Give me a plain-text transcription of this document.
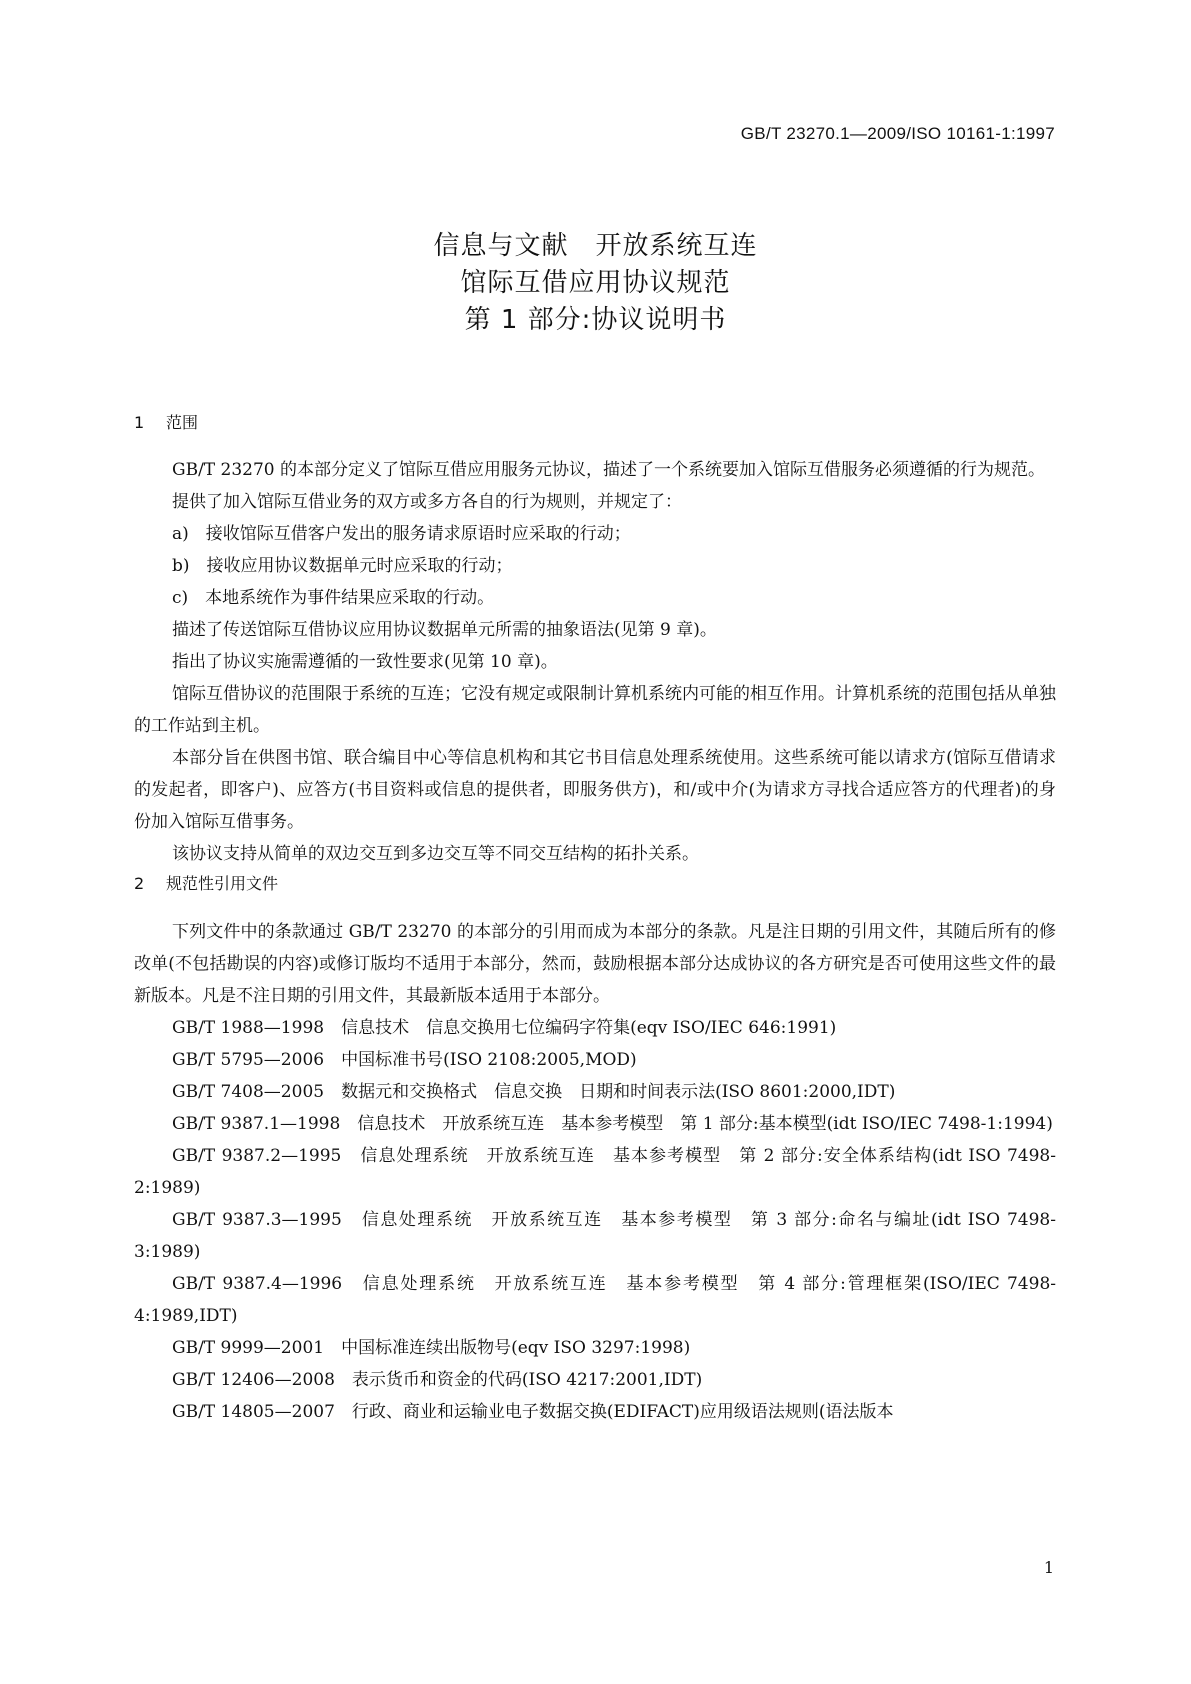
GB/T 23270.1—2009/ISO 10161-1:1997
信息与文献　开放系统互连
馆际互借应用协议规范
第 1 部分:协议说明书
1 范围

GB/T 23270 的本部分定义了馆际互借应用服务元协议，描述了一个系统要加入馆际互借服务必须遵循的行为规范。

提供了加入馆际互借业务的双方或多方各自的行为规则，并规定了：

a)　接收馆际互借客户发出的服务请求原语时应采取的行动；

b)　接收应用协议数据单元时应采取的行动；

c)　本地系统作为事件结果应采取的行动。

描述了传送馆际互借协议应用协议数据单元所需的抽象语法(见第 9 章)。

指出了协议实施需遵循的一致性要求(见第 10 章)。

馆际互借协议的范围限于系统的互连；它没有规定或限制计算机系统内可能的相互作用。计算机系统的范围包括从单独的工作站到主机。

本部分旨在供图书馆、联合编目中心等信息机构和其它书目信息处理系统使用。这些系统可能以请求方(馆际互借请求的发起者，即客户)、应答方(书目资料或信息的提供者，即服务供方)，和/或中介(为请求方寻找合适应答方的代理者)的身份加入馆际互借事务。

该协议支持从简单的双边交互到多边交互等不同交互结构的拓扑关系。

2 规范性引用文件

下列文件中的条款通过 GB/T 23270 的本部分的引用而成为本部分的条款。凡是注日期的引用文件，其随后所有的修改单(不包括勘误的内容)或修订版均不适用于本部分，然而，鼓励根据本部分达成协议的各方研究是否可使用这些文件的最新版本。凡是不注日期的引用文件，其最新版本适用于本部分。

GB/T 1988—1998　信息技术　信息交换用七位编码字符集(eqv ISO/IEC 646:1991)

GB/T 5795—2006　中国标准书号(ISO 2108:2005,MOD)

GB/T 7408—2005　数据元和交换格式　信息交换　日期和时间表示法(ISO 8601:2000,IDT)

GB/T 9387.1—1998　信息技术　开放系统互连　基本参考模型　第 1 部分:基本模型(idt ISO/IEC 7498-1:1994)

GB/T 9387.2—1995　信息处理系统　开放系统互连　基本参考模型　第 2 部分:安全体系结构(idt ISO 7498-2:1989)

GB/T 9387.3—1995　信息处理系统　开放系统互连　基本参考模型　第 3 部分:命名与编址(idt ISO 7498-3:1989)

GB/T 9387.4—1996　信息处理系统　开放系统互连　基本参考模型　第 4 部分:管理框架(ISO/IEC 7498-4:1989,IDT)

GB/T 9999—2001　中国标准连续出版物号(eqv ISO 3297:1998)

GB/T 12406—2008　表示货币和资金的代码(ISO 4217:2001,IDT)

GB/T 14805—2007　行政、商业和运输业电子数据交换(EDIFACT)应用级语法规则(语法版本

1
